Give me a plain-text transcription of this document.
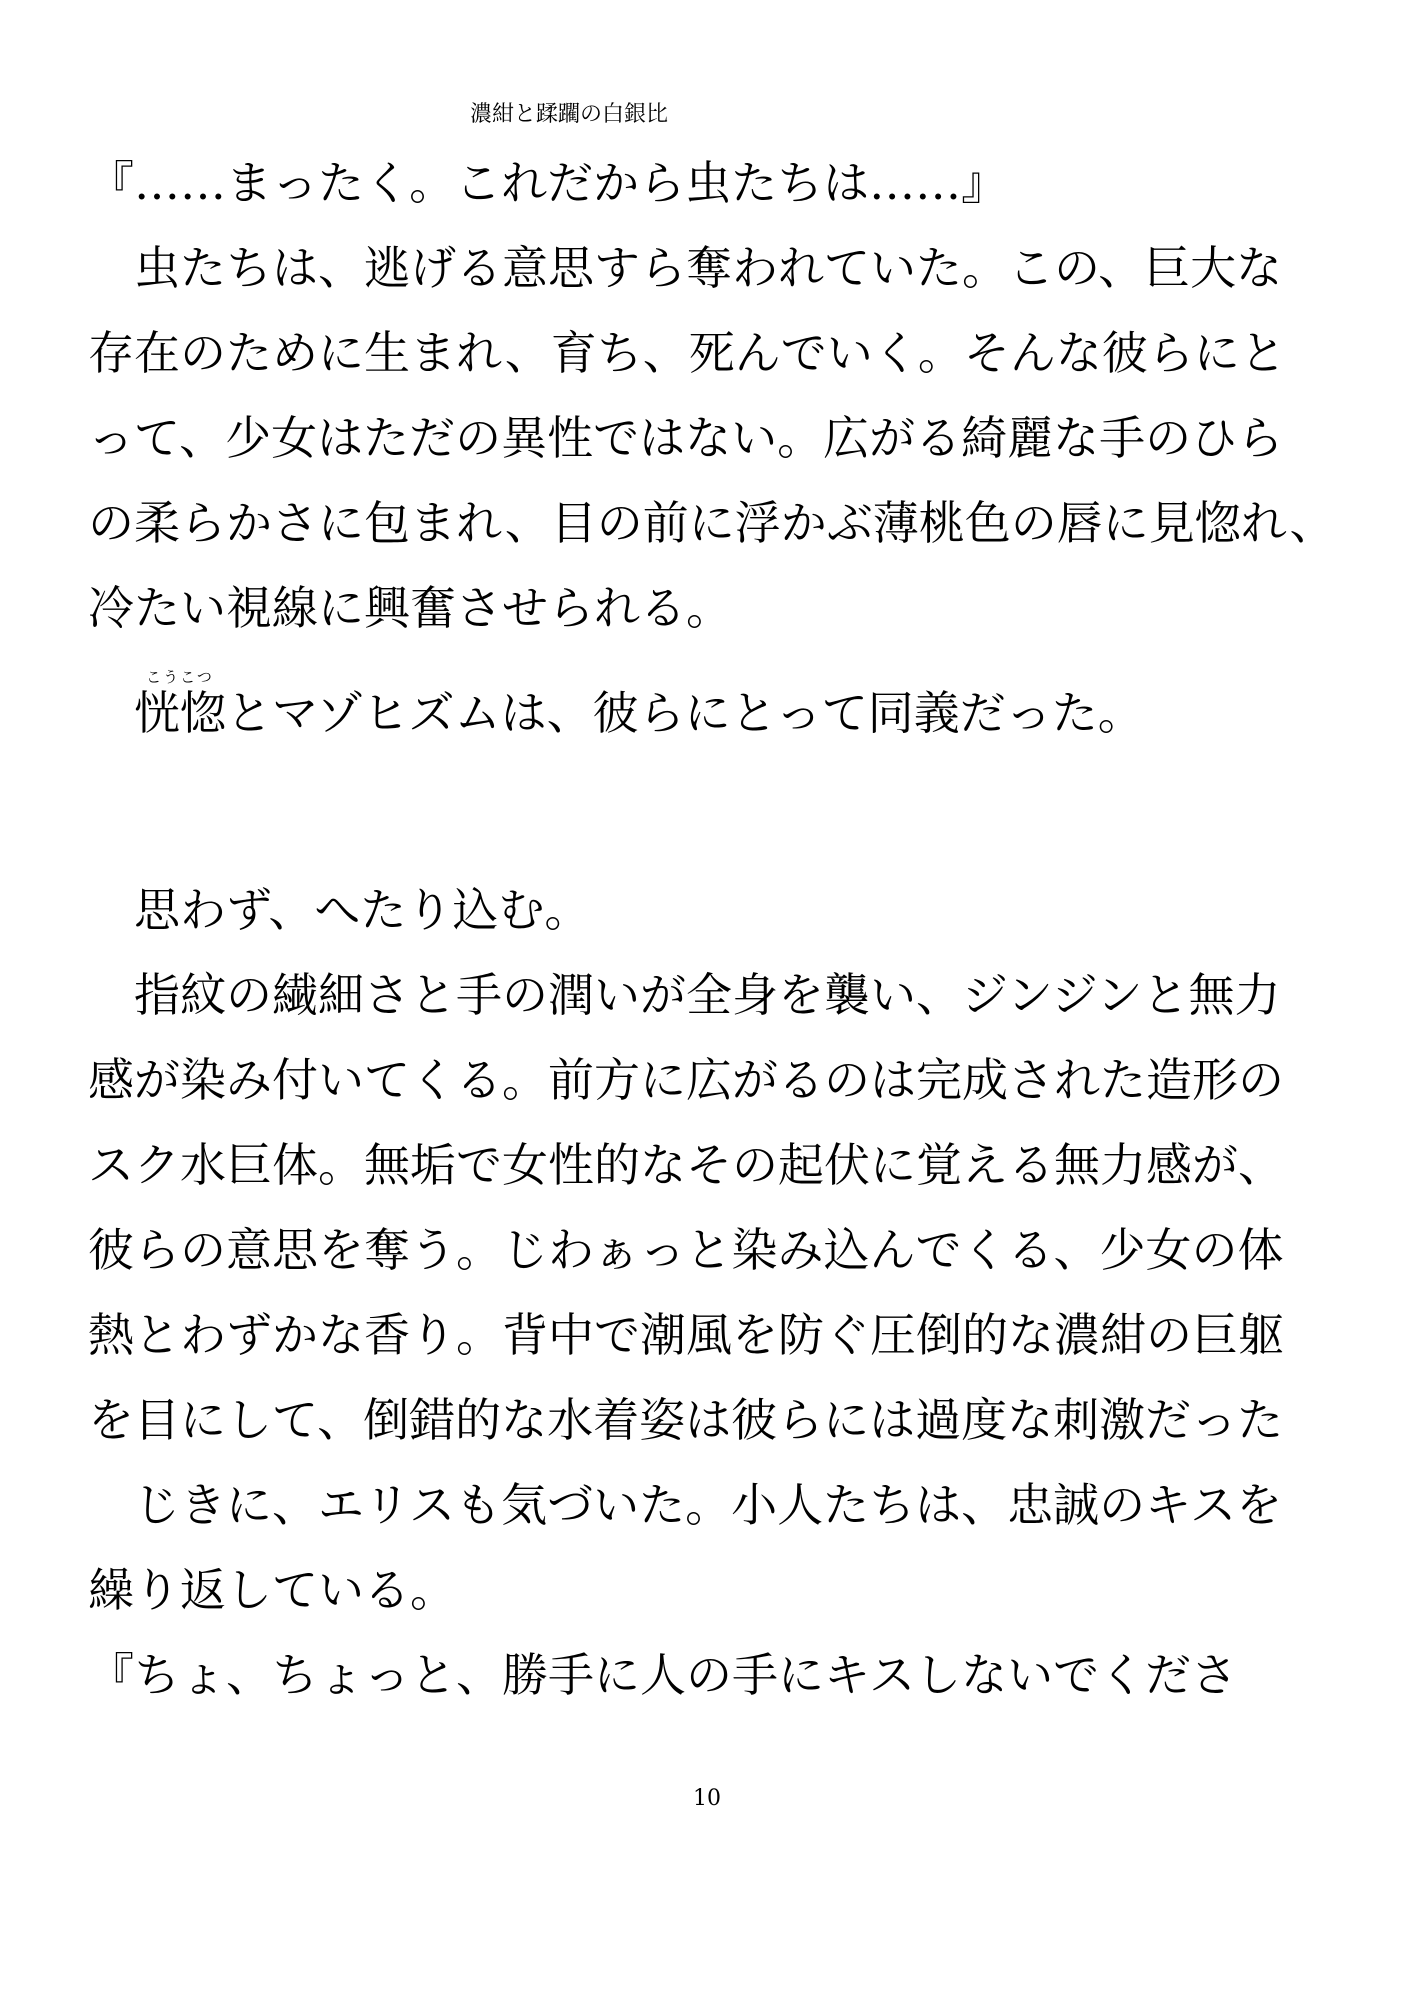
濃紺と蹂躙の白銀比
『……まったく。これだから虫たちは……』
虫たちは、逃げる意思すら奪われていた。この、巨大な
存在のために生まれ、育ち、死んでいく。そんな彼らにと
って、少女はただの異性ではない。広がる綺麗な手のひら
の柔らかさに包まれ、目の前に浮かぶ薄桃色の唇に見惚れ、
冷たい視線に興奮させられる。
こうこつ
恍惚とマゾヒズムは、彼らにとって同義だった。
思わず、へたり込む。
指紋の繊細さと手の潤いが全身を襲い、ジンジンと無力
感が染み付いてくる。前方に広がるのは完成された造形の
スク水巨体。無垢で女性的なその起伏に覚える無力感が、
彼らの意思を奪う。じわぁっと染み込んでくる、少女の体
熱とわずかな香り。背中で潮風を防ぐ圧倒的な濃紺の巨躯
を目にして、倒錯的な水着姿は彼らには過度な刺激だった
じきに、エリスも気づいた。小人たちは、忠誠のキスを
繰り返している。
『ちょ、ちょっと、勝手に人の手にキスしないでくださ
10
